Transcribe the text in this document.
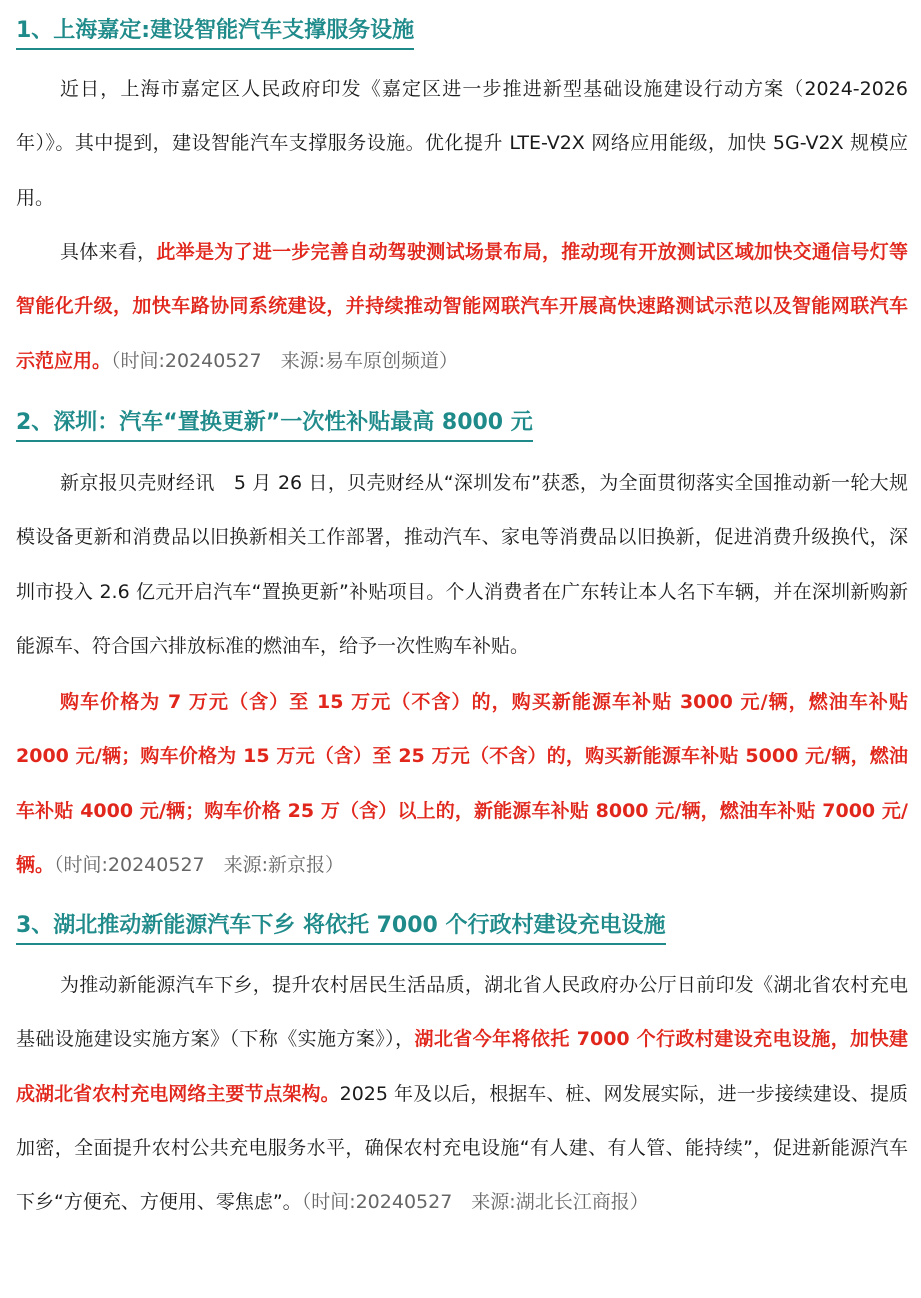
1、上海嘉定:建设智能汽车支撑服务设施

近日，上海市嘉定区人民政府印发《嘉定区进一步推进新型基础设施建设行动方案（2024-2026 年）》。其中提到，建设智能汽车支撑服务设施。优化提升 LTE-V2X 网络应用能级，加快 5G-V2X 规模应用。

具体来看，此举是为了进一步完善自动驾驶测试场景布局，推动现有开放测试区域加快交通信号灯等智能化升级，加快车路协同系统建设，并持续推动智能网联汽车开展高快速路测试示范以及智能网联汽车示范应用。（时间:20240527　来源:易车原创频道）

2、深圳：汽车“置换更新”一次性补贴最高 8000 元

新京报贝壳财经讯　5 月 26 日，贝壳财经从“深圳发布”获悉，为全面贯彻落实全国推动新一轮大规模设备更新和消费品以旧换新相关工作部署，推动汽车、家电等消费品以旧换新，促进消费升级换代，深圳市投入 2.6 亿元开启汽车“置换更新”补贴项目。个人消费者在广东转让本人名下车辆，并在深圳新购新能源车、符合国六排放标准的燃油车，给予一次性购车补贴。

购车价格为 7 万元（含）至 15 万元（不含）的，购买新能源车补贴 3000 元/辆，燃油车补贴 2000 元/辆；购车价格为 15 万元（含）至 25 万元（不含）的，购买新能源车补贴 5000 元/辆，燃油车补贴 4000 元/辆；购车价格 25 万（含）以上的，新能源车补贴 8000 元/辆，燃油车补贴 7000 元/辆。（时间:20240527　来源:新京报）

3、湖北推动新能源汽车下乡 将依托 7000 个行政村建设充电设施

为推动新能源汽车下乡，提升农村居民生活品质，湖北省人民政府办公厅日前印发《湖北省农村充电基础设施建设实施方案》（下称《实施方案》），湖北省今年将依托 7000 个行政村建设充电设施，加快建成湖北省农村充电网络主要节点架构。2025 年及以后，根据车、桩、网发展实际，进一步接续建设、提质加密，全面提升农村公共充电服务水平，确保农村充电设施“有人建、有人管、能持续”，促进新能源汽车下乡“方便充、方便用、零焦虑”。（时间:20240527　来源:湖北长江商报）
